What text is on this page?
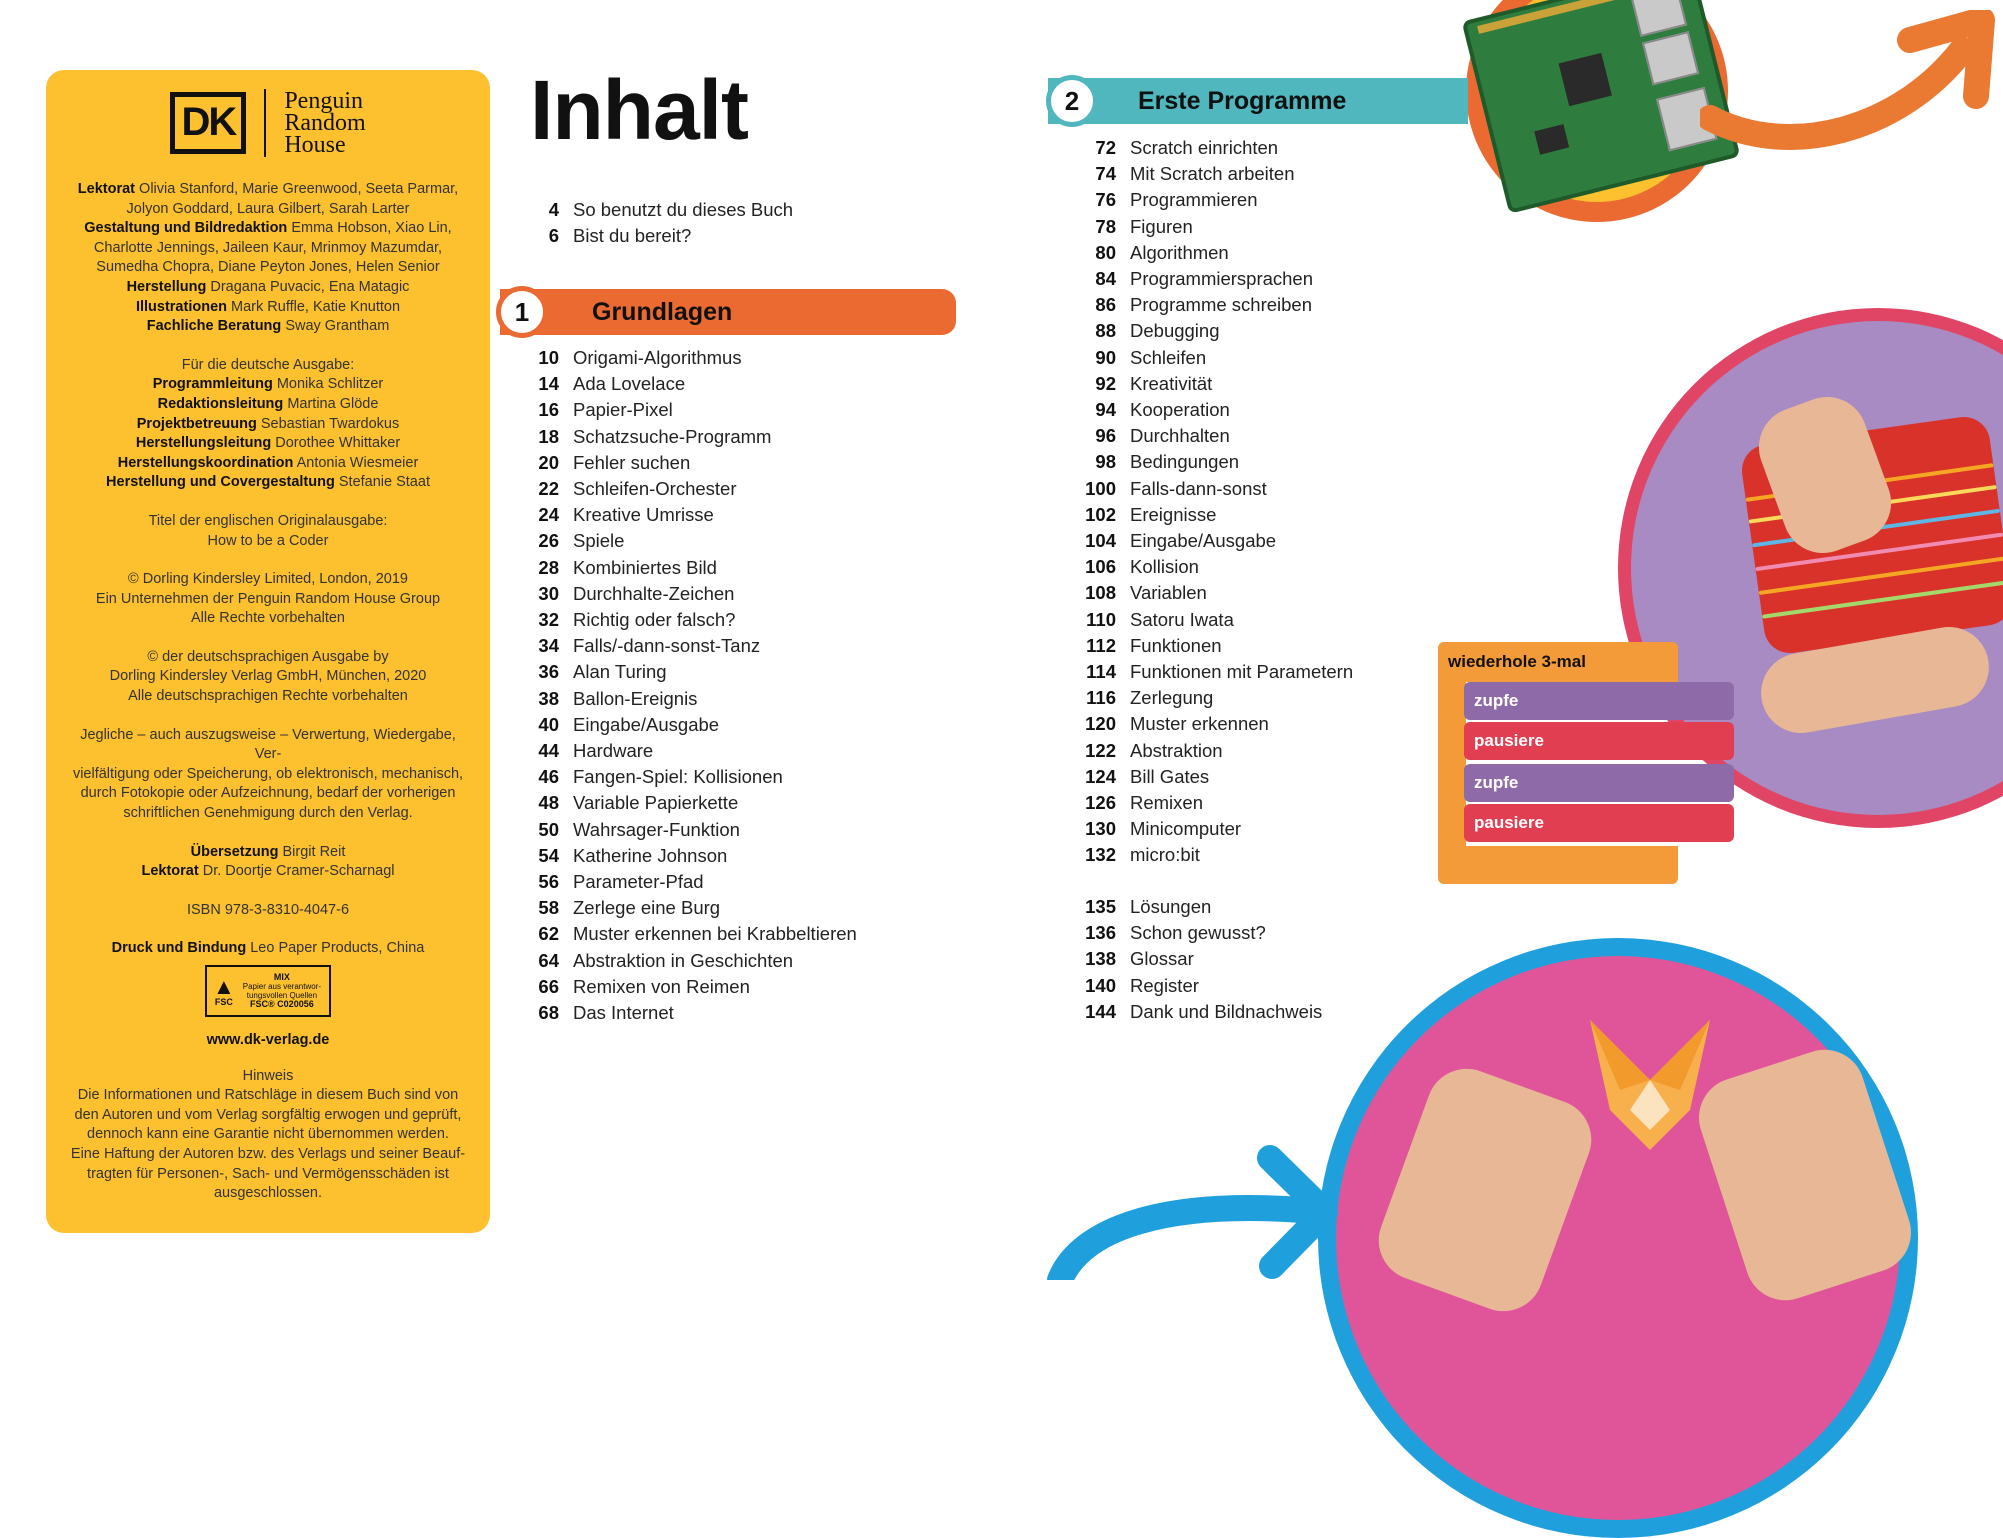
DK	Penguin
Random
House
Lektorat Olivia Stanford, Marie Greenwood, Seeta Parmar, Jolyon Goddard, Laura Gilbert, Sarah Larter
Gestaltung und Bildredaktion Emma Hobson, Xiao Lin, Charlotte Jennings, Jaileen Kaur, Mrinmoy Mazumdar, Sumedha Chopra, Diane Peyton Jones, Helen Senior
Herstellung Dragana Puvacic, Ena Matagic
Illustrationen Mark Ruffle, Katie Knutton
Fachliche Beratung Sway Grantham
Für die deutsche Ausgabe:
Programmleitung Monika Schlitzer
Redaktionsleitung Martina Glöde
Projektbetreuung Sebastian Twardokus
Herstellungsleitung Dorothee Whittaker
Herstellungskoordination Antonia Wiesmeier
Herstellung und Covergestaltung Stefanie Staat
Titel der englischen Originalausgabe:
How to be a Coder
© Dorling Kindersley Limited, London, 2019
Ein Unternehmen der Penguin Random House Group
Alle Rechte vorbehalten
© der deutschsprachigen Ausgabe by
Dorling Kindersley Verlag GmbH, München, 2020
Alle deutschsprachigen Rechte vorbehalten
Jegliche – auch auszugsweise – Verwertung, Wiedergabe, Ver-
vielfältigung oder Speicherung, ob elektronisch, mechanisch,
durch Fotokopie oder Aufzeichnung, bedarf der vorherigen
schriftlichen Genehmigung durch den Verlag.
Übersetzung Birgit Reit
Lektorat Dr. Doortje Cramer-Scharnagl
ISBN 978-3-8310-4047-6
Druck und Bindung Leo Paper Products, China
▲
FSC
MIX
Papier aus verantwor-tungsvollen Quellen
FSC® C020056
www.dk-verlag.de
Hinweis
Die Informationen und Ratschläge in diesem Buch sind von
den Autoren und vom Verlag sorgfältig erwogen und geprüft,
dennoch kann eine Garantie nicht übernommen werden.
Eine Haftung der Autoren bzw. des Verlags und seiner Beauf-
tragten für Personen-, Sach- und Vermögensschäden ist
ausgeschlossen.
Inhalt
4 So benutzt du dieses Buch
6 Bist du bereit?
10 Origami-Algorithmus
14 Ada Lovelace
16 Papier-Pixel
18 Schatzsuche-Programm
20 Fehler suchen
22 Schleifen-Orchester
24 Kreative Umrisse
26 Spiele
28 Kombiniertes Bild
30 Durchhalte-Zeichen
32 Richtig oder falsch?
34 Falls/-dann-sonst-Tanz
36 Alan Turing
38 Ballon-Ereignis
40 Eingabe/Ausgabe
44 Hardware
46 Fangen-Spiel: Kollisionen
48 Variable Papierkette
50 Wahrsager-Funktion
54 Katherine Johnson
56 Parameter-Pfad
58 Zerlege eine Burg
62 Muster erkennen bei Krabbeltieren
64 Abstraktion in Geschichten
66 Remixen von Reimen
68 Das Internet
Grundlagen
1
Erste Programme
2
72 Scratch einrichten
74 Mit Scratch arbeiten
76 Programmieren
78 Figuren
80 Algorithmen
84 Programmiersprachen
86 Programme schreiben
88 Debugging
90 Schleifen
92 Kreativität
94 Kooperation
96 Durchhalten
98 Bedingungen
100 Falls-dann-sonst
102 Ereignisse
104 Eingabe/Ausgabe
106 Kollision
108 Variablen
110 Satoru Iwata
112 Funktionen
114 Funktionen mit Parametern
116 Zerlegung
120 Muster erkennen
122 Abstraktion
124 Bill Gates
126 Remixen
130 Minicomputer
132 micro:bit
135 Lösungen
136 Schon gewusst?
138 Glossar
140 Register
144 Dank und Bildnachweis
wiederhole 3-mal
zupfe
pausiere
zupfe
pausiere
